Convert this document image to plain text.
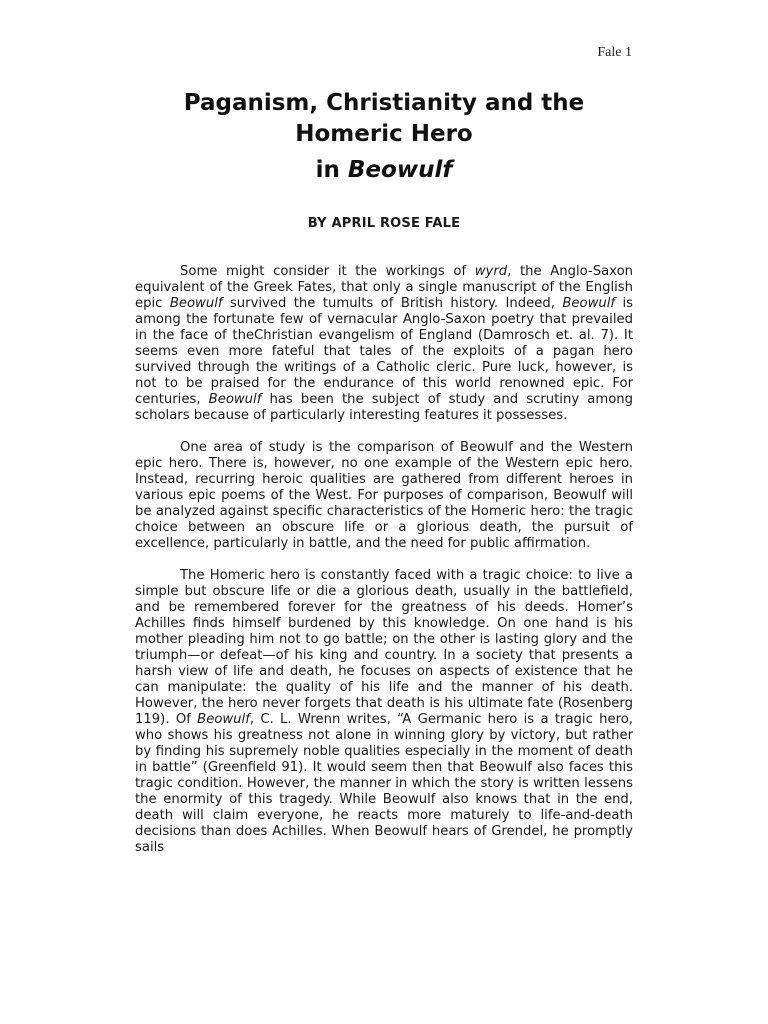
Fale 1
Paganism, Christianity and the
Homeric Hero
in Beowulf
BY APRIL ROSE FALE

Some might consider it the workings of wyrd, the Anglo-Saxon equivalent of the Greek Fates, that only a single manuscript of the English epic Beowulf survived the tumults of British history. Indeed, Beowulf is among the fortunate few of vernacular Anglo-Saxon poetry that prevailed in the face of theChristian evangelism of England (Damrosch et. al. 7). It seems even more fateful that tales of the exploits of a pagan hero survived through the writings of a Catholic cleric. Pure luck, however, is not to be praised for the endurance of this world renowned epic. For centuries, Beowulf has been the subject of study and scrutiny among scholars because of particularly interesting features it possesses.

One area of study is the comparison of Beowulf and the Western epic hero. There is, however, no one example of the Western epic hero. Instead, recurring heroic qualities are gathered from different heroes in various epic poems of the West. For purposes of comparison, Beowulf will be analyzed against specific characteristics of the Homeric hero: the tragic choice between an obscure life or a glorious death, the pursuit of excellence, particularly in battle, and the need for public affirmation.

The Homeric hero is constantly faced with a tragic choice: to live a simple but obscure life or die a glorious death, usually in the battlefield, and be remembered forever for the greatness of his deeds. Homer’s Achilles finds himself burdened by this knowledge. On one hand is his mother pleading him not to go battle; on the other is lasting glory and the triumph—or defeat—of his king and country. In a society that presents a harsh view of life and death, he focuses on aspects of existence that he can manipulate: the quality of his life and the manner of his death. However, the hero never forgets that death is his ultimate fate (Rosenberg 119). Of Beowulf, C. L. Wrenn writes, “A Germanic hero is a tragic hero, who shows his greatness not alone in winning glory by victory, but rather by finding his supremely noble qualities especially in the moment of death in battle” (Greenfield 91). It would seem then that Beowulf also faces this tragic condition. However, the manner in which the story is written lessens the enormity of this tragedy. While Beowulf also knows that in the end, death will claim everyone, he reacts more maturely to life-and-death decisions than does Achilles. When Beowulf hears of Grendel, he promptly sails
